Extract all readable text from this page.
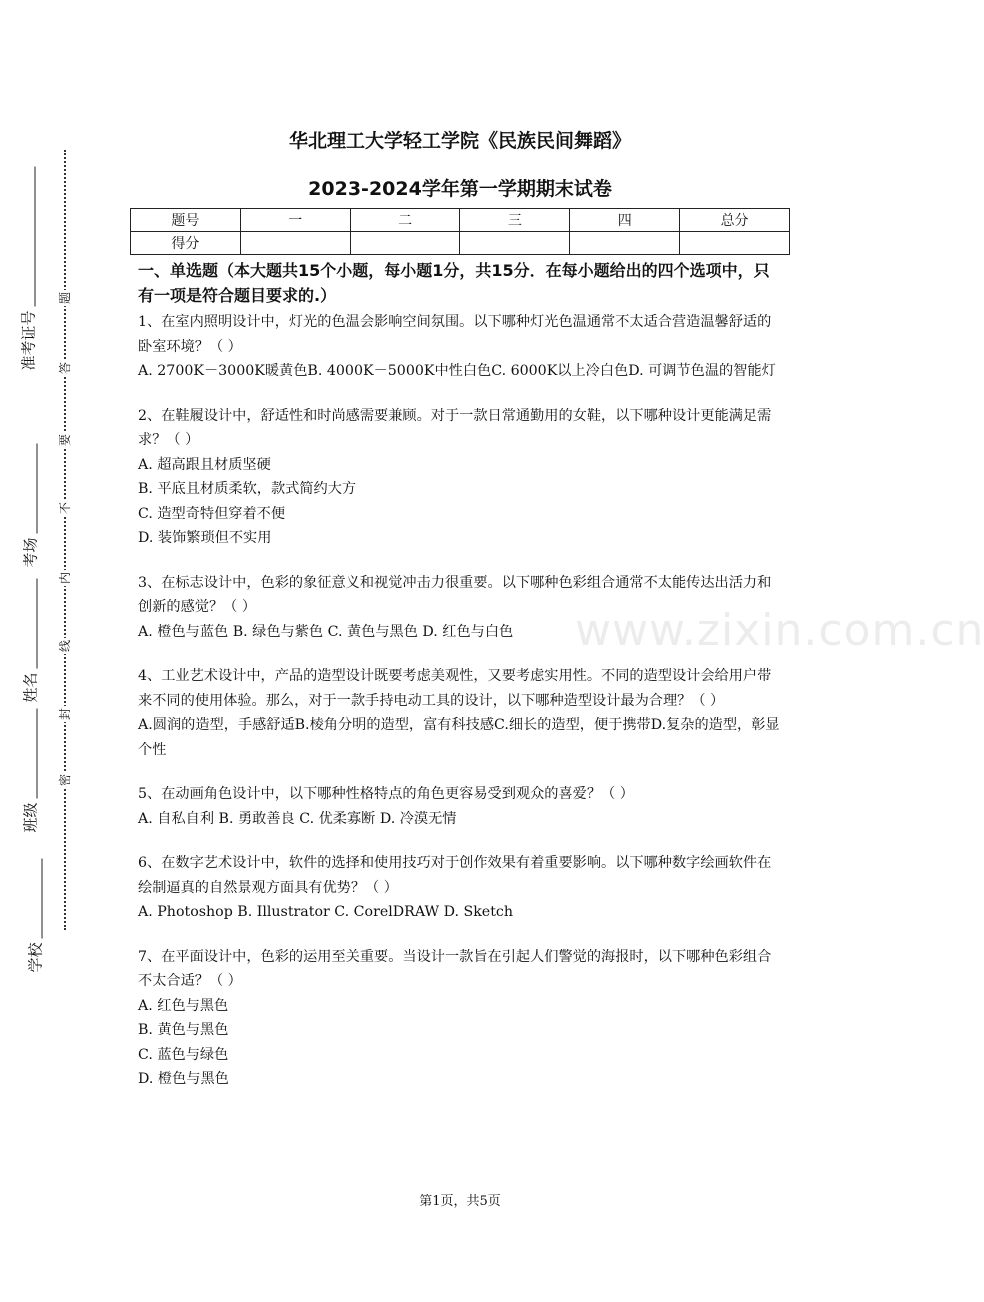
学校
班级
姓名
考场
准考证号
密
封
线
内
不
要
答
题
www.zixin.com.cn
华北理工大学轻工学院《民族民间舞蹈》
2023-2024学年第一学期期末试卷
题号	一	二	三	四	总分
得分					
一、单选题（本大题共15个小题，每小题1分，共15分．在每小题给出的四个选项中，只有一项是符合题目要求的.）

1、在室内照明设计中，灯光的色温会影响空间氛围。以下哪种灯光色温通常不太适合营造温馨舒适的卧室环境？（ ）

A. 2700K－3000K暖黄色B. 4000K－5000K中性白色C. 6000K以上冷白色D. 可调节色温的智能灯

2、在鞋履设计中，舒适性和时尚感需要兼顾。对于一款日常通勤用的女鞋，以下哪种设计更能满足需求？（ ）

A. 超高跟且材质坚硬

B. 平底且材质柔软，款式简约大方

C. 造型奇特但穿着不便

D. 装饰繁琐但不实用

3、在标志设计中，色彩的象征意义和视觉冲击力很重要。以下哪种色彩组合通常不太能传达出活力和创新的感觉？（ ）

A. 橙色与蓝色 B. 绿色与紫色 C. 黄色与黑色 D. 红色与白色

4、工业艺术设计中，产品的造型设计既要考虑美观性，又要考虑实用性。不同的造型设计会给用户带来不同的使用体验。那么，对于一款手持电动工具的设计，以下哪种造型设计最为合理？（ ）

A.圆润的造型，手感舒适B.棱角分明的造型，富有科技感C.细长的造型，便于携带D.复杂的造型，彰显个性

5、在动画角色设计中，以下哪种性格特点的角色更容易受到观众的喜爱？（ ）

A. 自私自利 B. 勇敢善良 C. 优柔寡断 D. 冷漠无情

6、在数字艺术设计中，软件的选择和使用技巧对于创作效果有着重要影响。以下哪种数字绘画软件在绘制逼真的自然景观方面具有优势？（ ）

A. Photoshop B. Illustrator C. CorelDRAW D. Sketch

7、在平面设计中，色彩的运用至关重要。当设计一款旨在引起人们警觉的海报时，以下哪种色彩组合不太合适？（ ）

A. 红色与黑色

B. 黄色与黑色

C. 蓝色与绿色

D. 橙色与黑色

第1页，共5页
